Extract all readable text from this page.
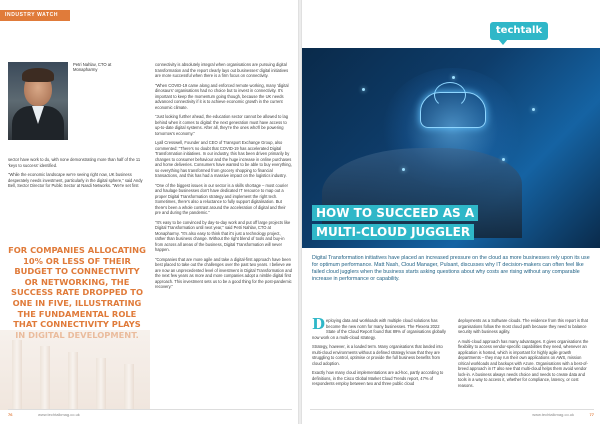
INDUSTRY WATCH
Petri Nahlav, CTO at Monapharmy

sector have work to do, with none demonstrating more than half of the 11 'keys to success' identified.

"While the economic landscape we're seeing right now, UK business desperately needs investment, particularly in the digital sphere," said Andy Bell, Sector Director for Public Sector at Nasdi Networks. "We're set first

FOR COMPANIES ALLOCATING 10% OR LESS OF THEIR BUDGET TO CONNECTIVITY OR NETWORKING, THE SUCCESS RATE DROPPED TO ONE IN FIVE, ILLUSTRATING THE FUNDAMENTAL ROLE THAT CONNECTIVITY PLAYS

connectivity is absolutely integral when organisations are pursuing digital transformation and the report clearly lays out businesses' digital initiatives are more successful when there is a firm focus on connectivity.

"When COVID-19 came along and enforced remote working, many 'digital dinosaurs' organisations had no choice but to invest in connectivity. It's important to keep the momentum going though, because the UK needs advanced connectivity if it is to achieve economic growth in the current economic climate.

"Just looking further ahead, the education sector cannot be allowed to lag behind when it comes to digital: the next generation must have access to up-to-date digital systems. After all, they're the ones who'll be powering tomorrow's economy."

Lyall Cresswell, Founder and CEO of Transport Exchange Group, also commented: "There's no doubt that COVID-19 has accelerated Digital Transformation initiatives. In our industry, this has been driven primarily by changes to consumer behaviour and the huge increase in online purchases and home deliveries. Consumers have wanted to be able to buy everything, so everything has transformed from grocery shopping to financial transactions, and this has had a massive impact on the logistics industry.

"One of the biggest issues in our sector is a skills shortage – most courier and haulage businesses don't have dedicated IT resource to map out a proper Digital Transformation strategy and implement the right tech. Sometimes, there's also a reluctance to fully support digitalisation. But there's been a whole contrast around the acceleration of digital and their pre and during the pandemic."

"It's easy to be convinced by day-to-day work and put off large projects like Digital Transformation until next year," said Petri Nahlav, CTO at Monapharmy. "It's also easy to think that it's just a technology project, rather than business change. Without the right blend of tools and buy-in from across all areas of the business, Digital Transformation will never happen.

"Companies that are more agile and take a digital-first approach have been best placed to take out the challenges over the past two years. I believe we are now an unprecedented level of investment in Digital Transformation and the next few years as more and more companies adopt a nimble digital first approach. This investment sets us to be a good thing for the post-pandemic recovery."

76	www.techtalkmag.co.uk
techtalk
HOW TO SUCCEED AS A
MULTI-CLOUD JUGGLER
Digital Transformation initiatives have placed an increased pressure on the cloud as more businesses rely upon its use for optimum performance. Matt Nash, Cloud Manager, Pulsant, discusses why IT decision-makers can often feel like failed cloud jugglers when the business starts asking questions about why costs are rising without any comparable increase in performance or capability.

Deploying data and workloads with multiple cloud solutions has become the new norm for many businesses. The Flexera 2022 State of the Cloud Report found that 89% of organisations globally now work on a multi-cloud strategy.

Strategy, however, is a loaded term. Many organisations that landed into multi-cloud environments without a defined strategy know that they are struggling to control, optimise or provide the full business benefits from cloud adoption.

Exactly how many cloud implementations are ad-hoc, partly according to definitions, in the Cisco Global Market Cloud Trends report, 47% of respondents employ between two and three public cloud

deployments as a Software clouds. The evidence from this report is that organisations follow the most cloud path because they need to balance security with business agility.

A multi-cloud approach has many advantages. It gives organisations the flexibility to access vendor-specific capabilities they need, whenever an application is hosted, which is important for highly agile growth departments – they may run their own applications on AWS, mission critical workloads and backups with Azure. Organisations with a best-of-breed approach in IT also see that multi-cloud helps them avoid vendor lock-in. A business always needs choice and needs to create data and tools in a way to access it, whether for compliance, latency, or cost reasons.

www.techtalkmag.co.uk	77
